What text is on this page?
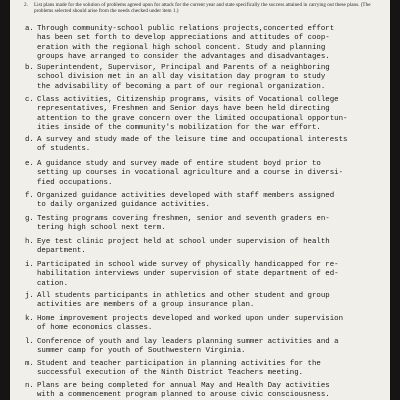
2. List plans made for the solution of problems agreed upon for attack for the current year and state specifically the success attained in carrying out these plans. (The problems selected should arise from the needs checked under item 1.)
a. Through community-school public relations projects,concerted effort
has been set forth to develop appreciations and attitudes of coop-
eration with the regional high school concent. Study and planning
groups have arranged to consider the advantages and disadvantages.
b. Superintendent, Supervisor, Principal and Parents of a neighboring
school division met in an all day visitation day program to study
the advisability of becoming a part of our regional organization.
c. Class activities, Citizenship programs, visits of Vocational college
representatives, Freshmen and Senior days have been held directing
attention to the grave concern over the limited occupational opportun-
ities inside of the community's mobilization for the war effort.
d. A survey and study made of the leisure time and occupational interests
of students.
e. A guidance study and survey made of entire student boyd prior to
setting up courses in vocational agriculture and a course in diversi-
fied occupations.
f. Organized guidance activities developed with staff members assigned
to daily organized guidance activities.
g. Testing programs covering freshmen, senior and seventh graders en-
tering high school next term.
h. Eye test clinic project held at school under supervision of health
department.
i. Participated in school wide survey of physically handicapped for re-
habilitation interviews under supervision of state department of ed-
cation.
j. All students participants in athletics and other student and group
activities are members of a group insurance plan.
k. Home improvement projects developed and worked upon under supervision
of home economics classes.
l. Conference of youth and lay leaders planning summer activities and a
summer camp for youth of Southwestern Virginia.
m. Student and teacher participation in planning activities for the
successful execution of the Ninth District Teachers meeting.
n. Plans are being completed for annual May and Health Day activities
with a commencement program planned to arouse civic consciousness.
